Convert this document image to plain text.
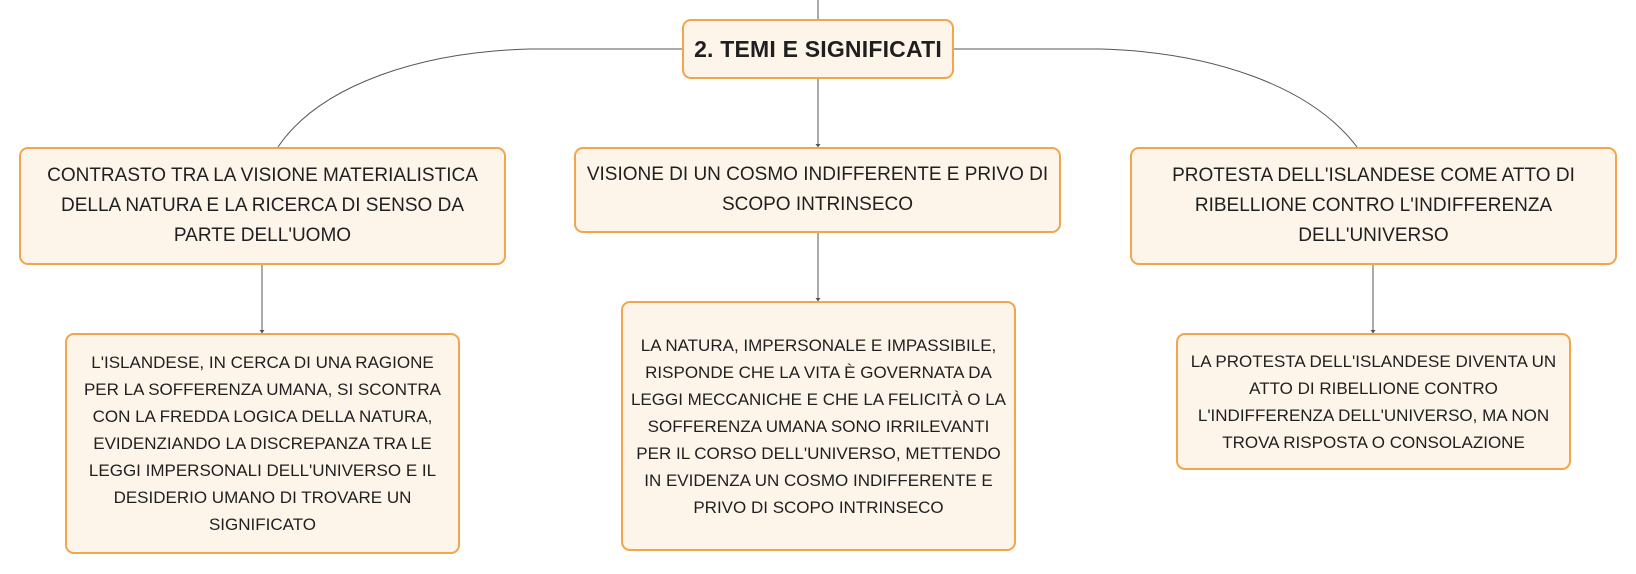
2. TEMI E SIGNIFICATI
CONTRASTO TRA LA VISIONE MATERIALISTICA DELLA NATURA E LA RICERCA DI SENSO DA PARTE DELL'UOMO
VISIONE DI UN COSMO INDIFFERENTE E PRIVO DI SCOPO INTRINSECO
PROTESTA DELL'ISLANDESE COME ATTO DI RIBELLIONE CONTRO L'INDIFFERENZA DELL'UNIVERSO
L'ISLANDESE, IN CERCA DI UNA RAGIONE PER LA SOFFERENZA UMANA, SI SCONTRA CON LA FREDDA LOGICA DELLA NATURA, EVIDENZIANDO LA DISCREPANZA TRA LE LEGGI IMPERSONALI DELL'UNIVERSO E IL DESIDERIO UMANO DI TROVARE UN SIGNIFICATO
LA NATURA, IMPERSONALE E IMPASSIBILE, RISPONDE CHE LA VITA È GOVERNATA DA LEGGI MECCANICHE E CHE LA FELICITÀ O LA SOFFERENZA UMANA SONO IRRILEVANTI PER IL CORSO DELL'UNIVERSO, METTENDO IN EVIDENZA UN COSMO INDIFFERENTE E PRIVO DI SCOPO INTRINSECO
LA PROTESTA DELL'ISLANDESE DIVENTA UN ATTO DI RIBELLIONE CONTRO L'INDIFFERENZA DELL'UNIVERSO, MA NON TROVA RISPOSTA O CONSOLAZIONE
